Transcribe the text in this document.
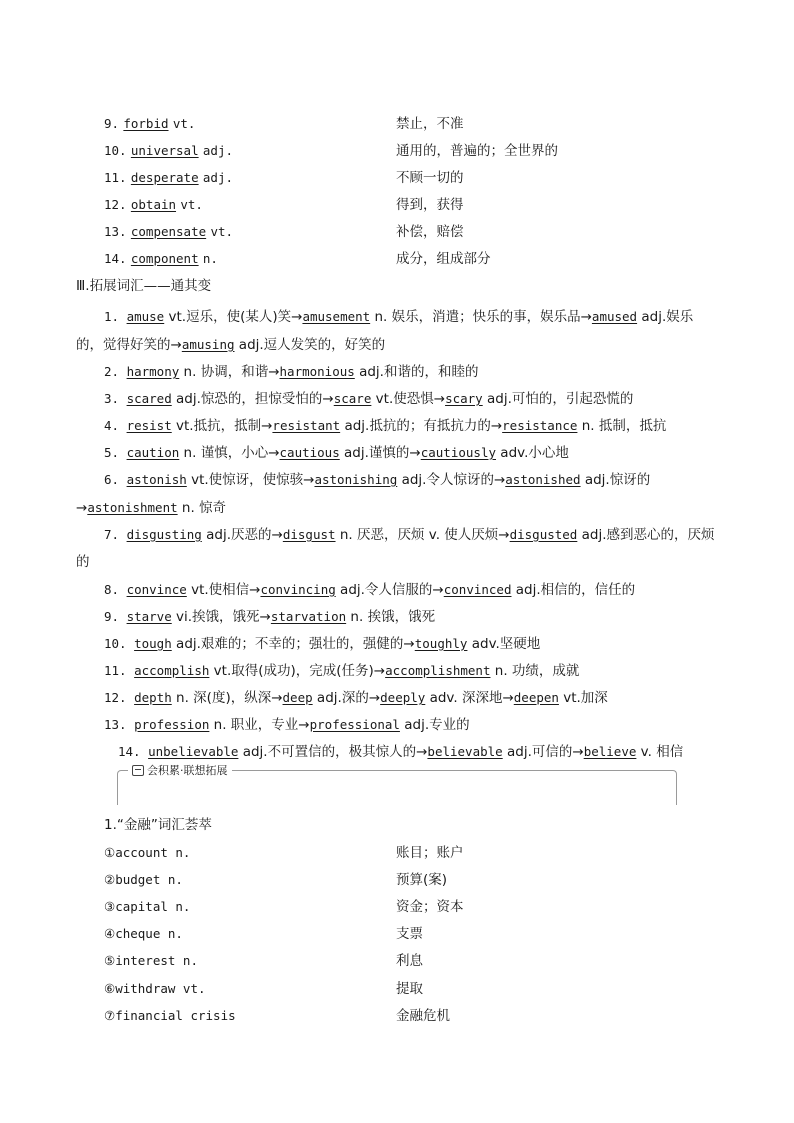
9. forbid vt.	禁止，不准
10. universal adj.	通用的，普遍的；全世界的
11. desperate adj.	不顾一切的
12. obtain vt.	得到，获得
13. compensate vt.	补偿，赔偿
14. component n.	成分，组成部分
Ⅲ.拓展词汇——通其变
1. amuse vt.逗乐，使(某人)笑→amusement n. 娱乐，消遣；快乐的事，娱乐品→amused adj.娱乐的，觉得好笑的→amusing adj.逗人发笑的，好笑的
2. harmony n. 协调，和谐→harmonious adj.和谐的，和睦的
3. scared adj.惊恐的，担惊受怕的→scare vt.使恐惧→scary adj.可怕的，引起恐慌的
4. resist vt.抵抗，抵制→resistant adj.抵抗的；有抵抗力的→resistance n. 抵制，抵抗
5. caution n. 谨慎，小心→cautious adj.谨慎的→cautiously adv.小心地
6. astonish vt.使惊讶，使惊骇→astonishing adj.令人惊讶的→astonished adj.惊讶的→astonishment n. 惊奇
7. disgusting adj.厌恶的→disgust n. 厌恶，厌烦 v. 使人厌烦→disgusted adj.感到恶心的，厌烦的
8. convince vt.使相信→convincing adj.令人信服的→convinced adj.相信的，信任的
9. starve vi.挨饿，饿死→starvation n. 挨饿，饿死
10. tough adj.艰难的；不幸的；强壮的，强健的→toughly adv.坚硬地
11. accomplish vt.取得(成功)，完成(任务)→accomplishment n. 功绩，成就
12. depth n. 深(度)，纵深→deep adj.深的→deeply adv. 深深地→deepen vt.加深
13. profession n. 职业，专业→professional adj.专业的
14. unbelievable adj.不可置信的，极其惊人的→believable adj.可信的→believe v. 相信
会积累·联想拓展
1.“金融”词汇荟萃
①account n.	账目；账户
②budget n.	预算(案)
③capital n.	资金；资本
④cheque n.	支票
⑤interest n.	利息
⑥withdraw vt.	提取
⑦financial crisis	金融危机
